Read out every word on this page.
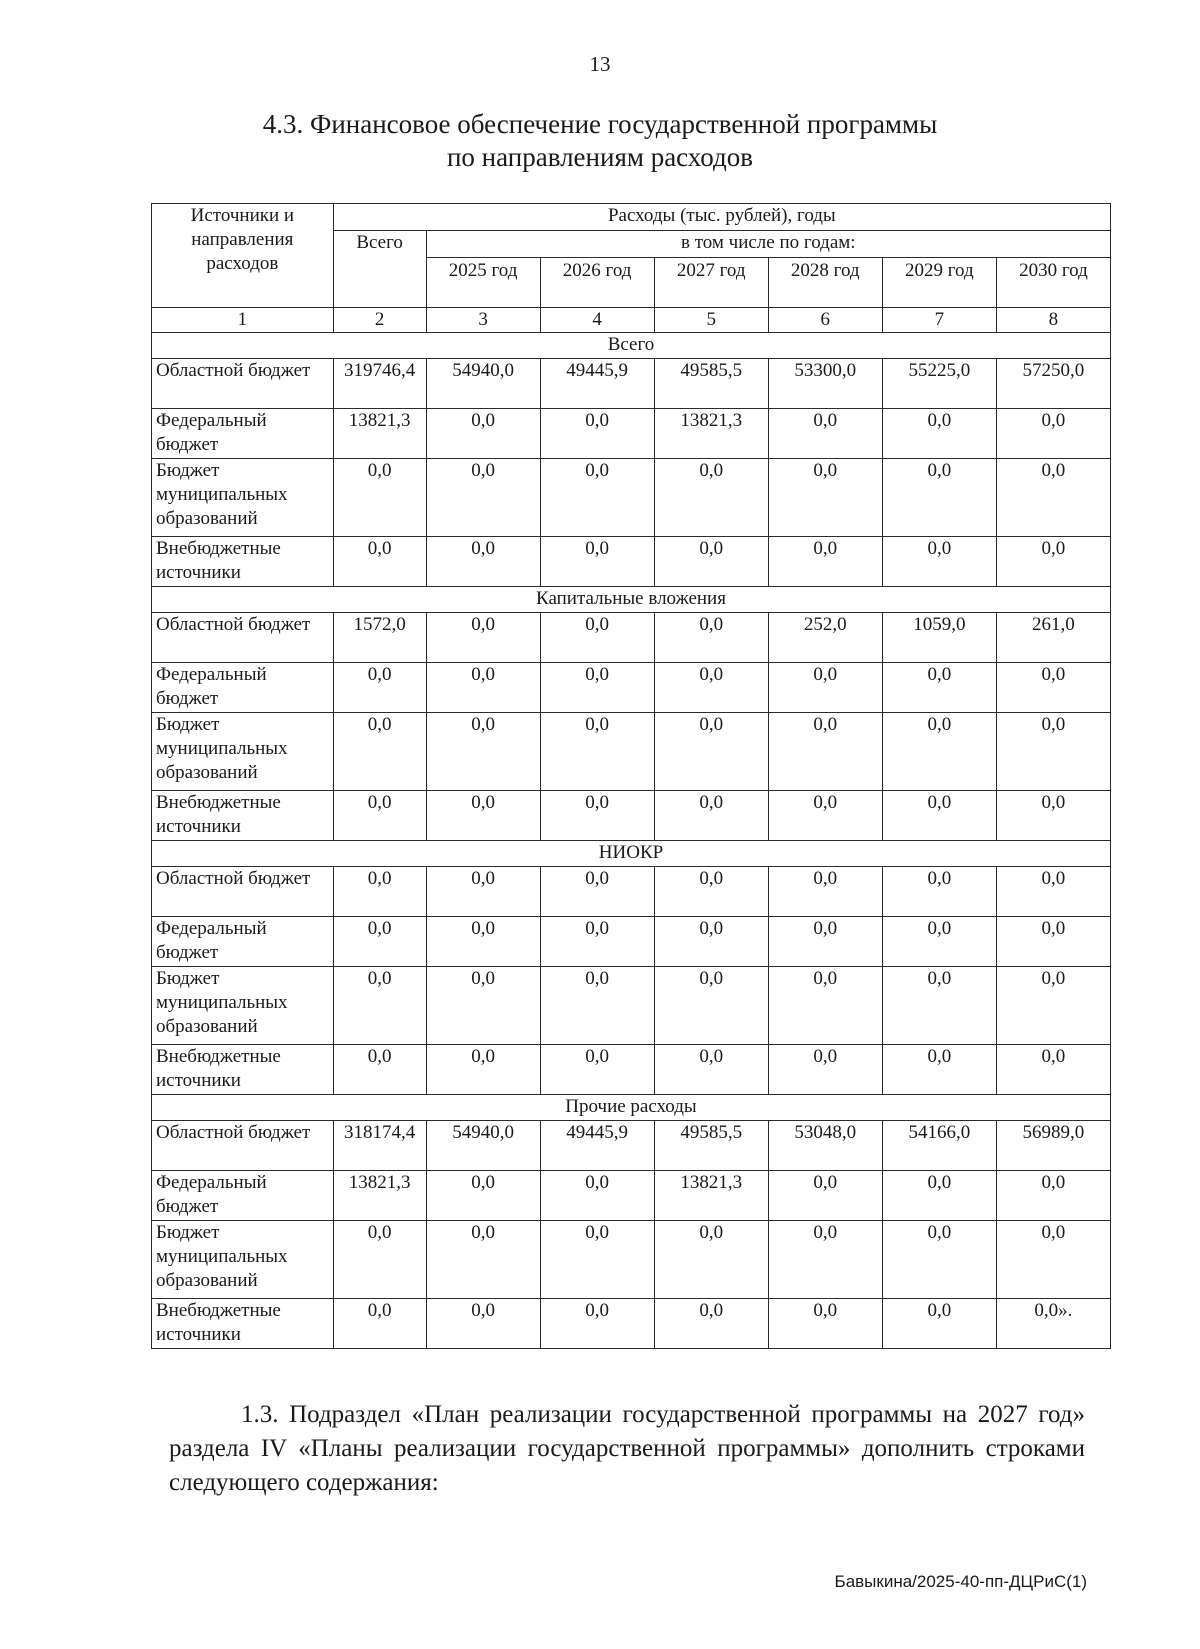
13
4.3. Финансовое обеспечение государственной программы
по направлениям расходов
Источники и направления расходов	Расходы (тыс. рублей), годы						
	Всего	в том числе по годам:					
		2025 год	2026 год	2027 год	2028 год	2029 год	2030 год
1	2	3	4	5	6	7	8
Всего							
Областной бюджет	319746,4	54940,0	49445,9	49585,5	53300,0	55225,0	57250,0
Федеральный бюджет	13821,3	0,0	0,0	13821,3	0,0	0,0	0,0
Бюджет муниципальных образований	0,0	0,0	0,0	0,0	0,0	0,0	0,0
Внебюджетные источники	0,0	0,0	0,0	0,0	0,0	0,0	0,0
Капитальные вложения							
Областной бюджет	1572,0	0,0	0,0	0,0	252,0	1059,0	261,0
Федеральный бюджет	0,0	0,0	0,0	0,0	0,0	0,0	0,0
Бюджет муниципальных образований	0,0	0,0	0,0	0,0	0,0	0,0	0,0
Внебюджетные источники	0,0	0,0	0,0	0,0	0,0	0,0	0,0
НИОКР							
Областной бюджет	0,0	0,0	0,0	0,0	0,0	0,0	0,0
Федеральный бюджет	0,0	0,0	0,0	0,0	0,0	0,0	0,0
Бюджет муниципальных образований	0,0	0,0	0,0	0,0	0,0	0,0	0,0
Внебюджетные источники	0,0	0,0	0,0	0,0	0,0	0,0	0,0
Прочие расходы							
Областной бюджет	318174,4	54940,0	49445,9	49585,5	53048,0	54166,0	56989,0
Федеральный бюджет	13821,3	0,0	0,0	13821,3	0,0	0,0	0,0
Бюджет муниципальных образований	0,0	0,0	0,0	0,0	0,0	0,0	0,0
Внебюджетные источники	0,0	0,0	0,0	0,0	0,0	0,0	0,0».
1.3. Подраздел «План реализации государственной программы на 2027 год» раздела IV «Планы реализации государственной программы» дополнить строками следующего содержания:
Бавыкина/2025-40-пп-ДЦРиС(1)
